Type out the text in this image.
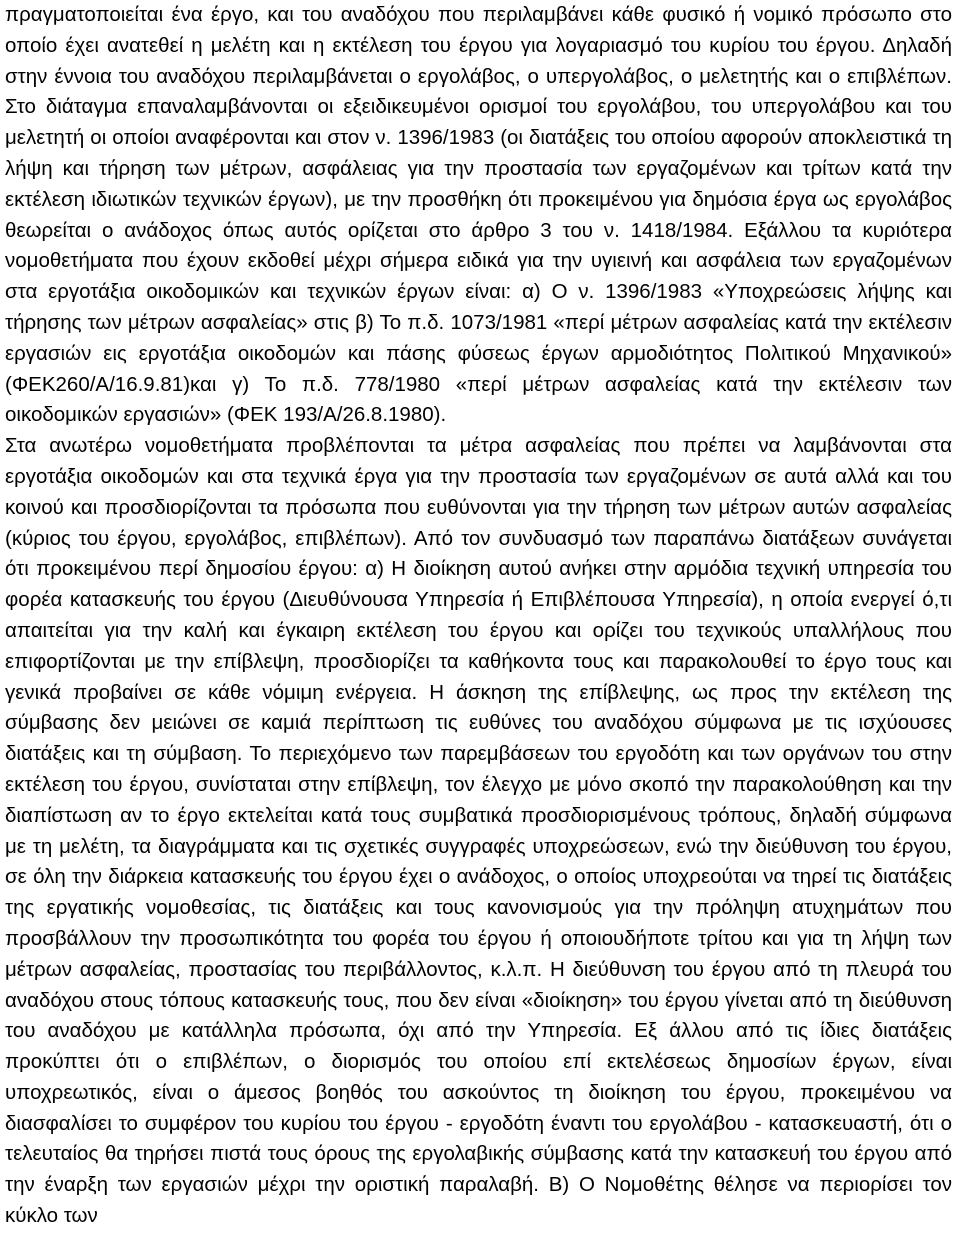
πραγματοποιείται ένα έργο, και του αναδόχου που περιλαμβάνει κάθε φυσικό ή νομικό πρόσωπο στο οποίο έχει ανατεθεί η μελέτη και η εκτέλεση του έργου για λογαριασμό του κυρίου του έργου. Δηλαδή στην έννοια του αναδόχου περιλαμβάνεται ο εργολάβος, ο υπεργολάβος, ο μελετητής και ο επιβλέπων. Στο διάταγμα επαναλαμβάνονται οι εξειδικευμένοι ορισμοί του εργολάβου, του υπεργολάβου και του μελετητή οι οποίοι αναφέρονται και στον ν. 1396/1983 (οι διατάξεις του οποίου αφορούν αποκλειστικά τη λήψη και τήρηση των μέτρων, ασφάλειας για την προστασία των εργαζομένων και τρίτων κατά την εκτέλεση ιδιωτικών τεχνικών έργων), με την προσθήκη ότι προκειμένου για δημόσια έργα ως εργολάβος θεωρείται ο ανάδοχος όπως αυτός ορίζεται στο άρθρο 3 του ν. 1418/1984. Εξάλλου τα κυριότερα νομοθετήματα που έχουν εκδοθεί μέχρι σήμερα ειδικά για την υγιεινή και ασφάλεια των εργαζομένων στα εργοτάξια οικοδομικών και τεχνικών έργων είναι: α) Ο ν. 1396/1983 «Υποχρεώσεις λήψης και τήρησης των μέτρων ασφαλείας» στις β) Το π.δ. 1073/1981 «περί μέτρων ασφαλείας κατά την εκτέλεσιν εργασιών εις εργοτάξια οικοδομών και πάσης φύσεως έργων αρμοδιότητος Πολιτικού Μηχανικού» (ΦΕΚ260/Α/16.9.81)και γ) Το π.δ. 778/1980 «περί μέτρων ασφαλείας κατά την εκτέλεσιν των οικοδομικών εργασιών» (ΦΕΚ 193/Α/26.8.1980).

Στα ανωτέρω νομοθετήματα προβλέπονται τα μέτρα ασφαλείας που πρέπει να λαμβάνονται στα εργοτάξια οικοδομών και στα τεχνικά έργα για την προστασία των εργαζομένων σε αυτά αλλά και του κοινού και προσδιορίζονται τα πρόσωπα που ευθύνονται για την τήρηση των μέτρων αυτών ασφαλείας (κύριος του έργου, εργολάβος, επιβλέπων). Από τον συνδυασμό των παραπάνω διατάξεων συνάγεται ότι προκειμένου περί δημοσίου έργου: α) Η διοίκηση αυτού ανήκει στην αρμόδια τεχνική υπηρεσία του φορέα κατασκευής του έργου (Διευθύνουσα Υπηρεσία ή Επιβλέπουσα Υπηρεσία), η οποία ενεργεί ό,τι απαιτείται για την καλή και έγκαιρη εκτέλεση του έργου και ορίζει του τεχνικούς υπαλλήλους που επιφορτίζονται με την επίβλεψη, προσδιορίζει τα καθήκοντα τους και παρακολουθεί το έργο τους και γενικά προβαίνει σε κάθε νόμιμη ενέργεια. Η άσκηση της επίβλεψης, ως προς την εκτέλεση της σύμβασης δεν μειώνει σε καμιά περίπτωση τις ευθύνες του αναδόχου σύμφωνα με τις ισχύουσες διατάξεις και τη σύμβαση. Το περιεχόμενο των παρεμβάσεων του εργοδότη και των οργάνων του στην εκτέλεση του έργου, συνίσταται στην επίβλεψη, τον έλεγχο με μόνο σκοπό την παρακολούθηση και την διαπίστωση αν το έργο εκτελείται κατά τους συμβατικά προσδιορισμένους τρόπους, δηλαδή σύμφωνα με τη μελέτη, τα διαγράμματα και τις σχετικές συγγραφές υποχρεώσεων, ενώ την διεύθυνση του έργου, σε όλη την διάρκεια κατασκευής του έργου έχει ο ανάδοχος, ο οποίος υποχρεούται να τηρεί τις διατάξεις της εργατικής νομοθεσίας, τις διατάξεις και τους κανονισμούς για την πρόληψη ατυχημάτων που προσβάλλουν την προσωπικότητα του φορέα του έργου ή οποιουδήποτε τρίτου και για τη λήψη των μέτρων ασφαλείας, προστασίας του περιβάλλοντος, κ.λ.π. Η διεύθυνση του έργου από τη πλευρά του αναδόχου στους τόπους κατασκευής τους, που δεν είναι «διοίκηση» του έργου γίνεται από τη διεύθυνση του αναδόχου με κατάλληλα πρόσωπα, όχι από την Υπηρεσία. Εξ άλλου από τις ίδιες διατάξεις προκύπτει ότι ο επιβλέπων, ο διορισμός του οποίου επί εκτελέσεως δημοσίων έργων, είναι υποχρεωτικός, είναι ο άμεσος βοηθός του ασκούντος τη διοίκηση του έργου, προκειμένου να διασφαλίσει το συμφέρον του κυρίου του έργου - εργοδότη έναντι του εργολάβου - κατασκευαστή, ότι ο τελευταίος θα τηρήσει πιστά τους όρους της εργολαβικής σύμβασης κατά την κατασκευή του έργου από την έναρξη των εργασιών μέχρι την οριστική παραλαβή. Β) Ο Νομοθέτης θέλησε να περιορίσει τον κύκλο των
